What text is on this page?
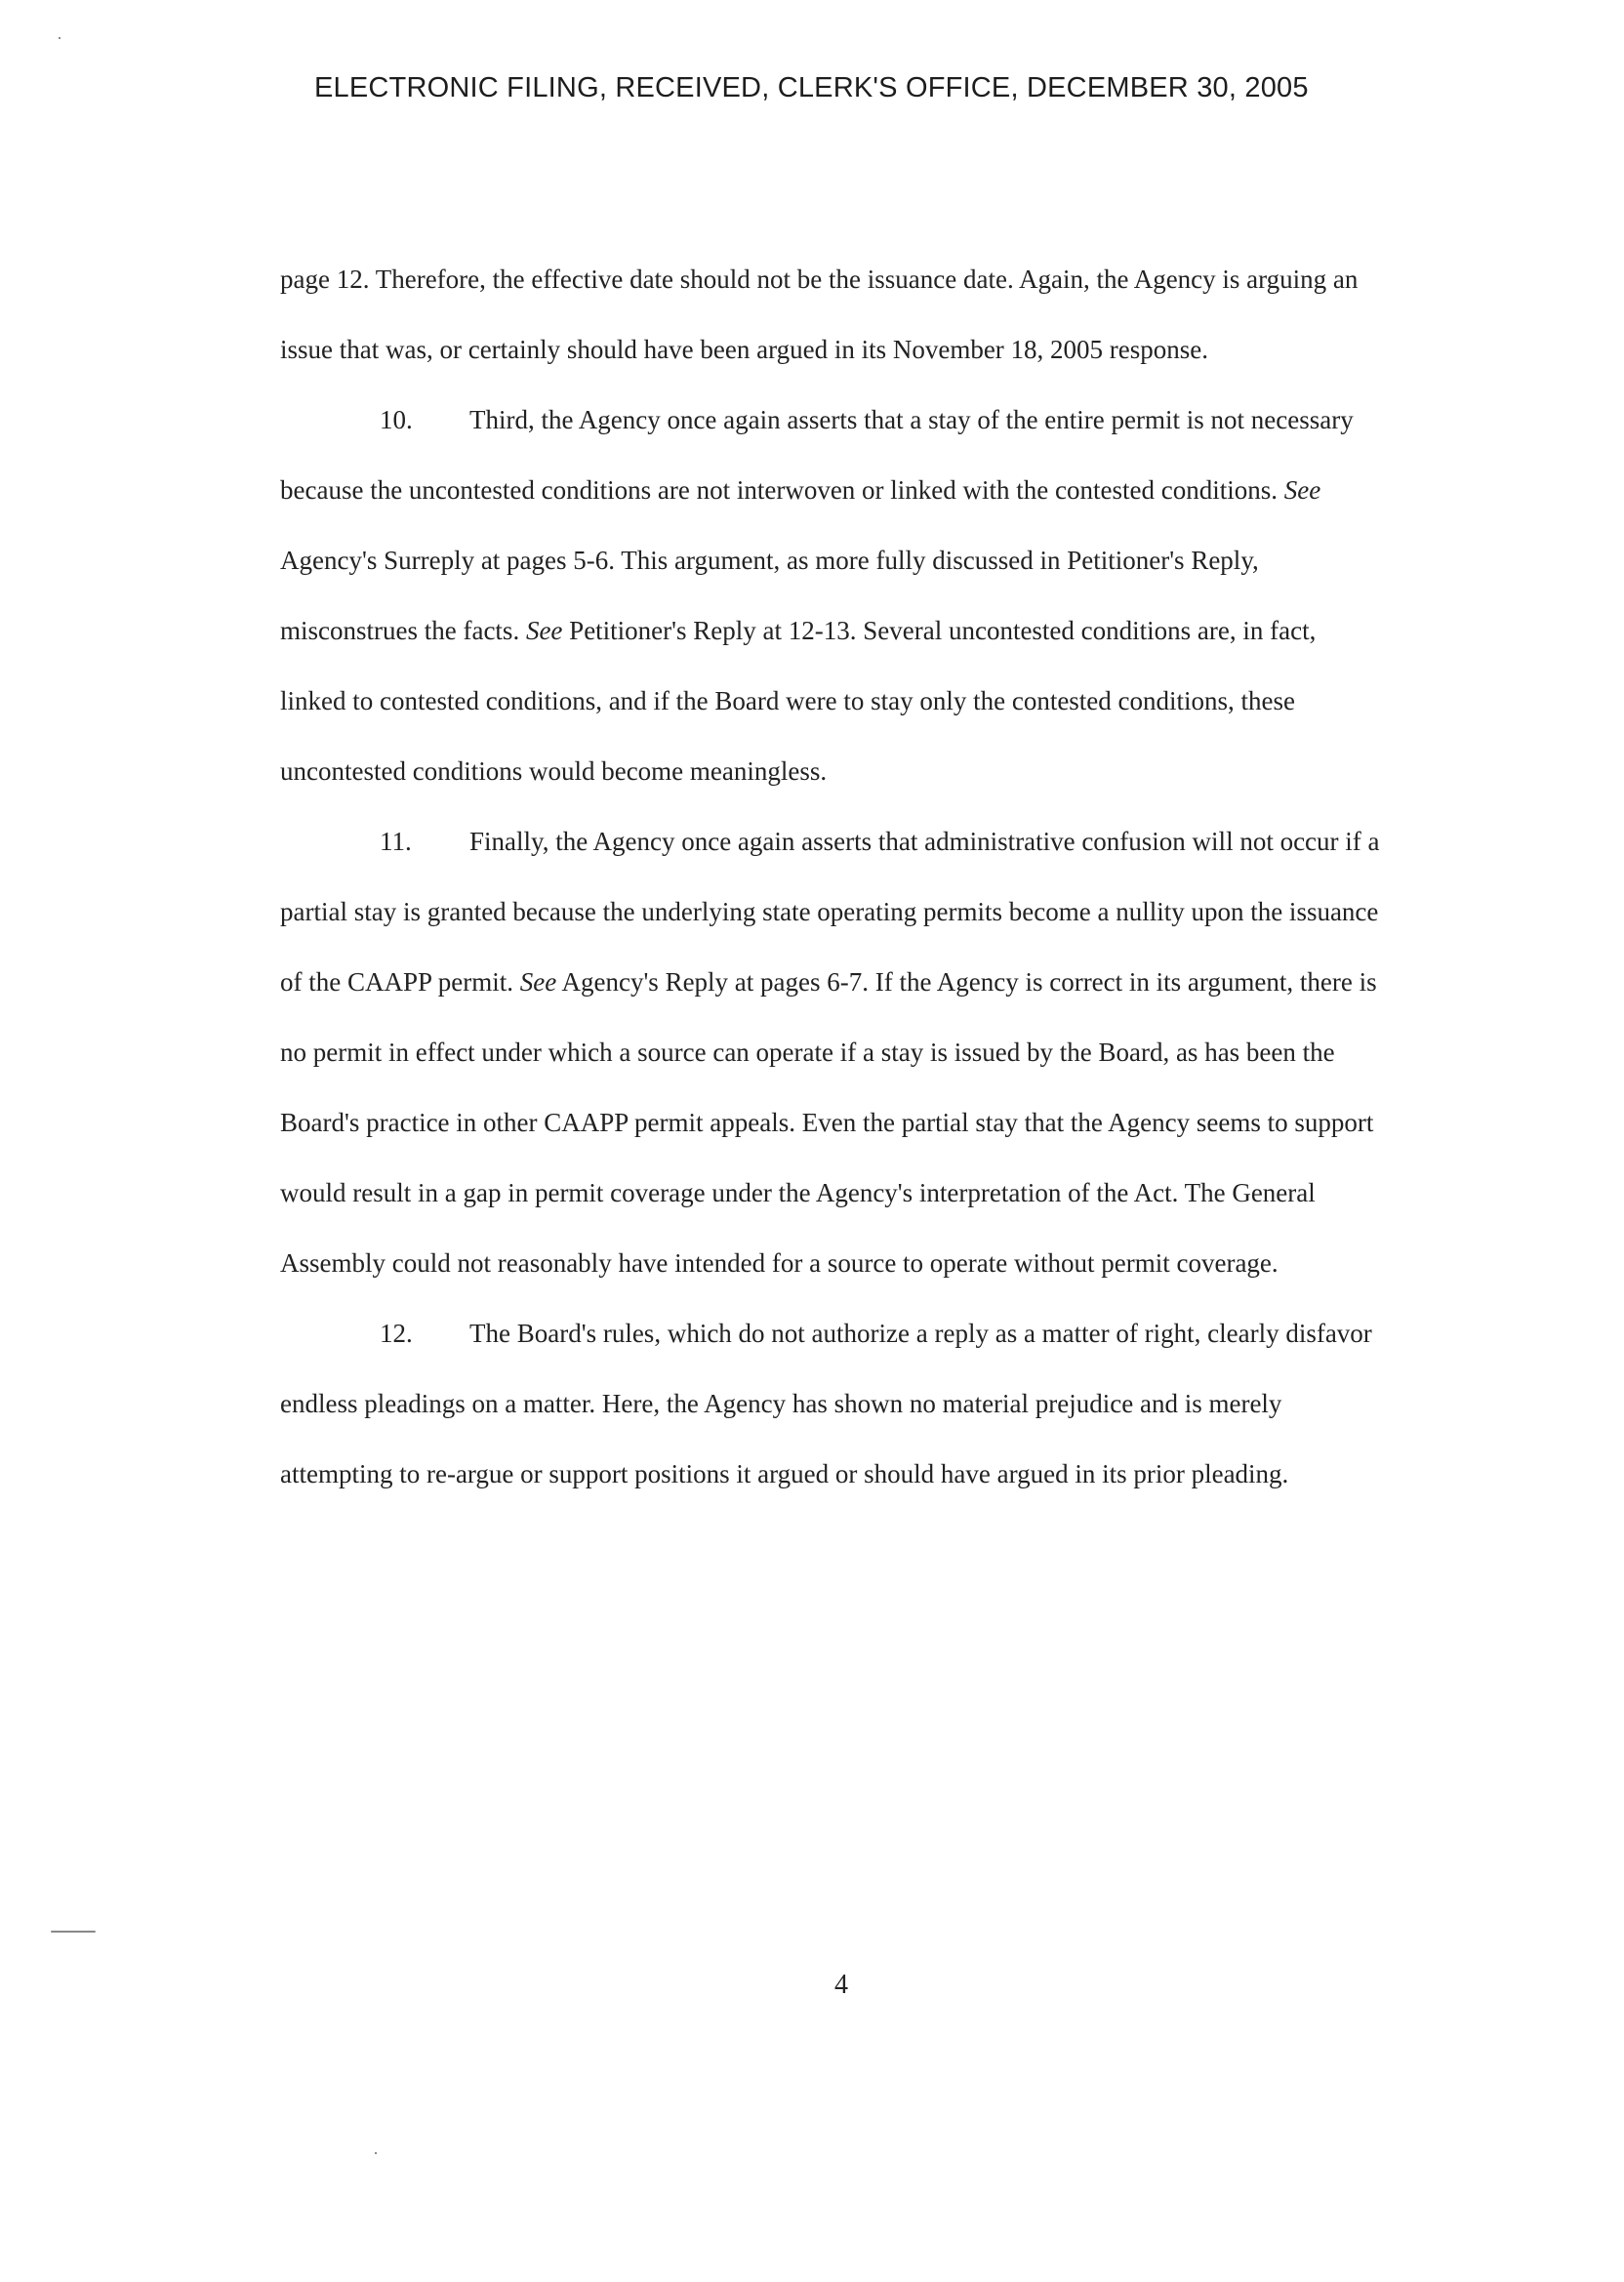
ELECTRONIC FILING, RECEIVED, CLERK'S OFFICE, DECEMBER 30, 2005

page 12. Therefore, the effective date should not be the issuance date. Again, the Agency is arguing an issue that was, or certainly should have been argued in its November 18, 2005 response.

10. Third, the Agency once again asserts that a stay of the entire permit is not necessary because the uncontested conditions are not interwoven or linked with the contested conditions. See Agency's Surreply at pages 5-6. This argument, as more fully discussed in Petitioner's Reply, misconstrues the facts. See Petitioner's Reply at 12-13. Several uncontested conditions are, in fact, linked to contested conditions, and if the Board were to stay only the contested conditions, these uncontested conditions would become meaningless.

11. Finally, the Agency once again asserts that administrative confusion will not occur if a partial stay is granted because the underlying state operating permits become a nullity upon the issuance of the CAAPP permit. See Agency's Reply at pages 6-7. If the Agency is correct in its argument, there is no permit in effect under which a source can operate if a stay is issued by the Board, as has been the Board's practice in other CAAPP permit appeals. Even the partial stay that the Agency seems to support would result in a gap in permit coverage under the Agency's interpretation of the Act. The General Assembly could not reasonably have intended for a source to operate without permit coverage.

12. The Board's rules, which do not authorize a reply as a matter of right, clearly disfavor endless pleadings on a matter. Here, the Agency has shown no material prejudice and is merely attempting to re-argue or support positions it argued or should have argued in its prior pleading.

4
